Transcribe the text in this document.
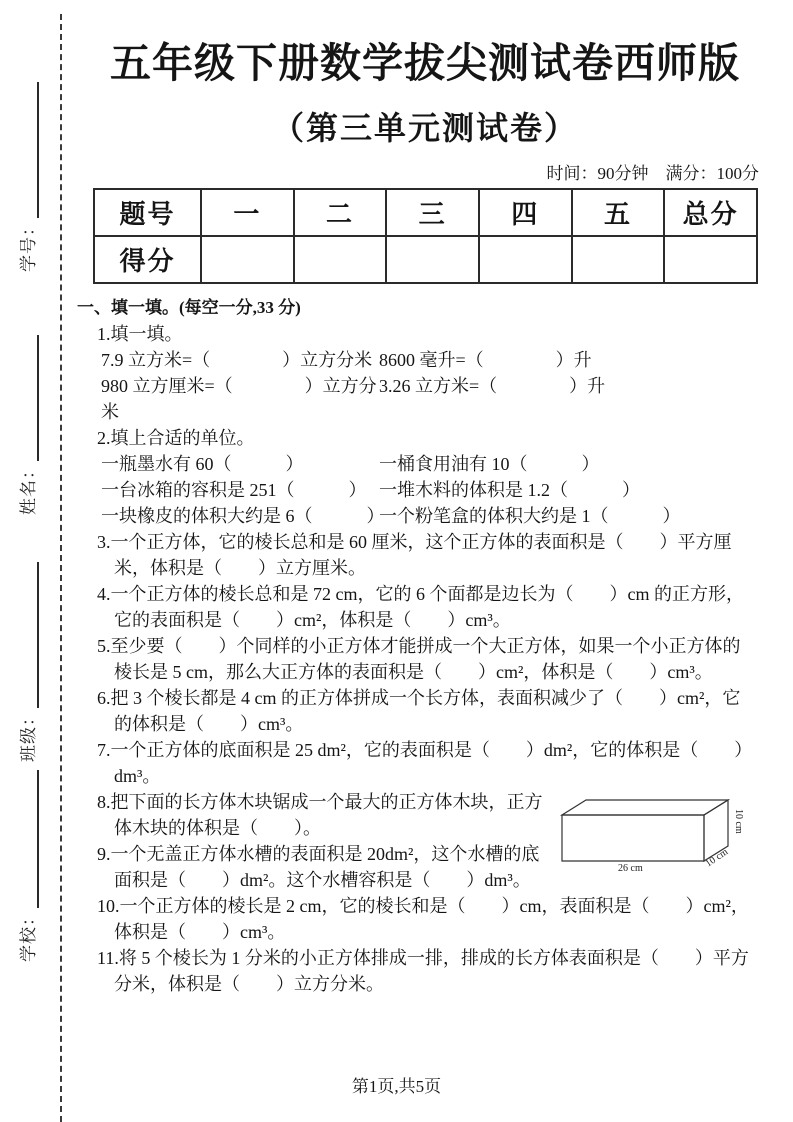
学号：
姓名：
班级：
学校：
五年级下册数学拔尖测试卷西师版
（第三单元测试卷）
时间：90分钟　满分：100分
题号	一	二	三	四	五	总分
得分						
一、填一填。(每空一分,33 分)
1.填一填。
7.9 立方米=（　　　　）立方分米 8600 毫升=（　　　　）升
980 立方厘米=（　　　　）立方分米
3.26 立方米=（　　　　）升
2.填上合适的单位。
一瓶墨水有 60（　　　）	一桶食用油有 10（　　　）
一台冰箱的容积是 251（　　　） 一堆木料的体积是 1.2（　　　）
一块橡皮的体积大约是 6（　　　）
一个粉笔盒的体积大约是 1（　　　）
3.一个正方体，它的棱长总和是 60 厘米，这个正方体的表面积是（　　）平方厘米，体积是（　　）立方厘米。
4.一个正方体的棱长总和是 72 cm，它的 6 个面都是边长为（　　）cm 的正方形，它的表面积是（　　）cm²，体积是（　　）cm³。
5.至少要（　　）个同样的小正方体才能拼成一个大正方体，如果一个小正方体的棱长是 5 cm，那么大正方体的表面积是（　　）cm²，体积是（　　）cm³。
6.把 3 个棱长都是 4 cm 的正方体拼成一个长方体，表面积减少了（　　）cm²，它的体积是（　　）cm³。
7.一个正方体的底面积是 25 dm²，它的表面积是（　　）dm²，它的体积是（　　）dm³。
26 cm
10 cm
10 cm
8.把下面的长方体木块锯成一个最大的正方体木块，正方体木块的体积是（　　）。
9.一个无盖正方体水槽的表面积是 20dm²，这个水槽的底面积是（　　）dm²。这个水槽容积是（　　）dm³。
10.一个正方体的棱长是 2 cm，它的棱长和是（　　）cm，表面积是（　　）cm²，体积是（　　）cm³。
11.将 5 个棱长为 1 分米的小正方体排成一排，排成的长方体表面积是（　　）平方分米，体积是（　　）立方分米。
第1页,共5页
